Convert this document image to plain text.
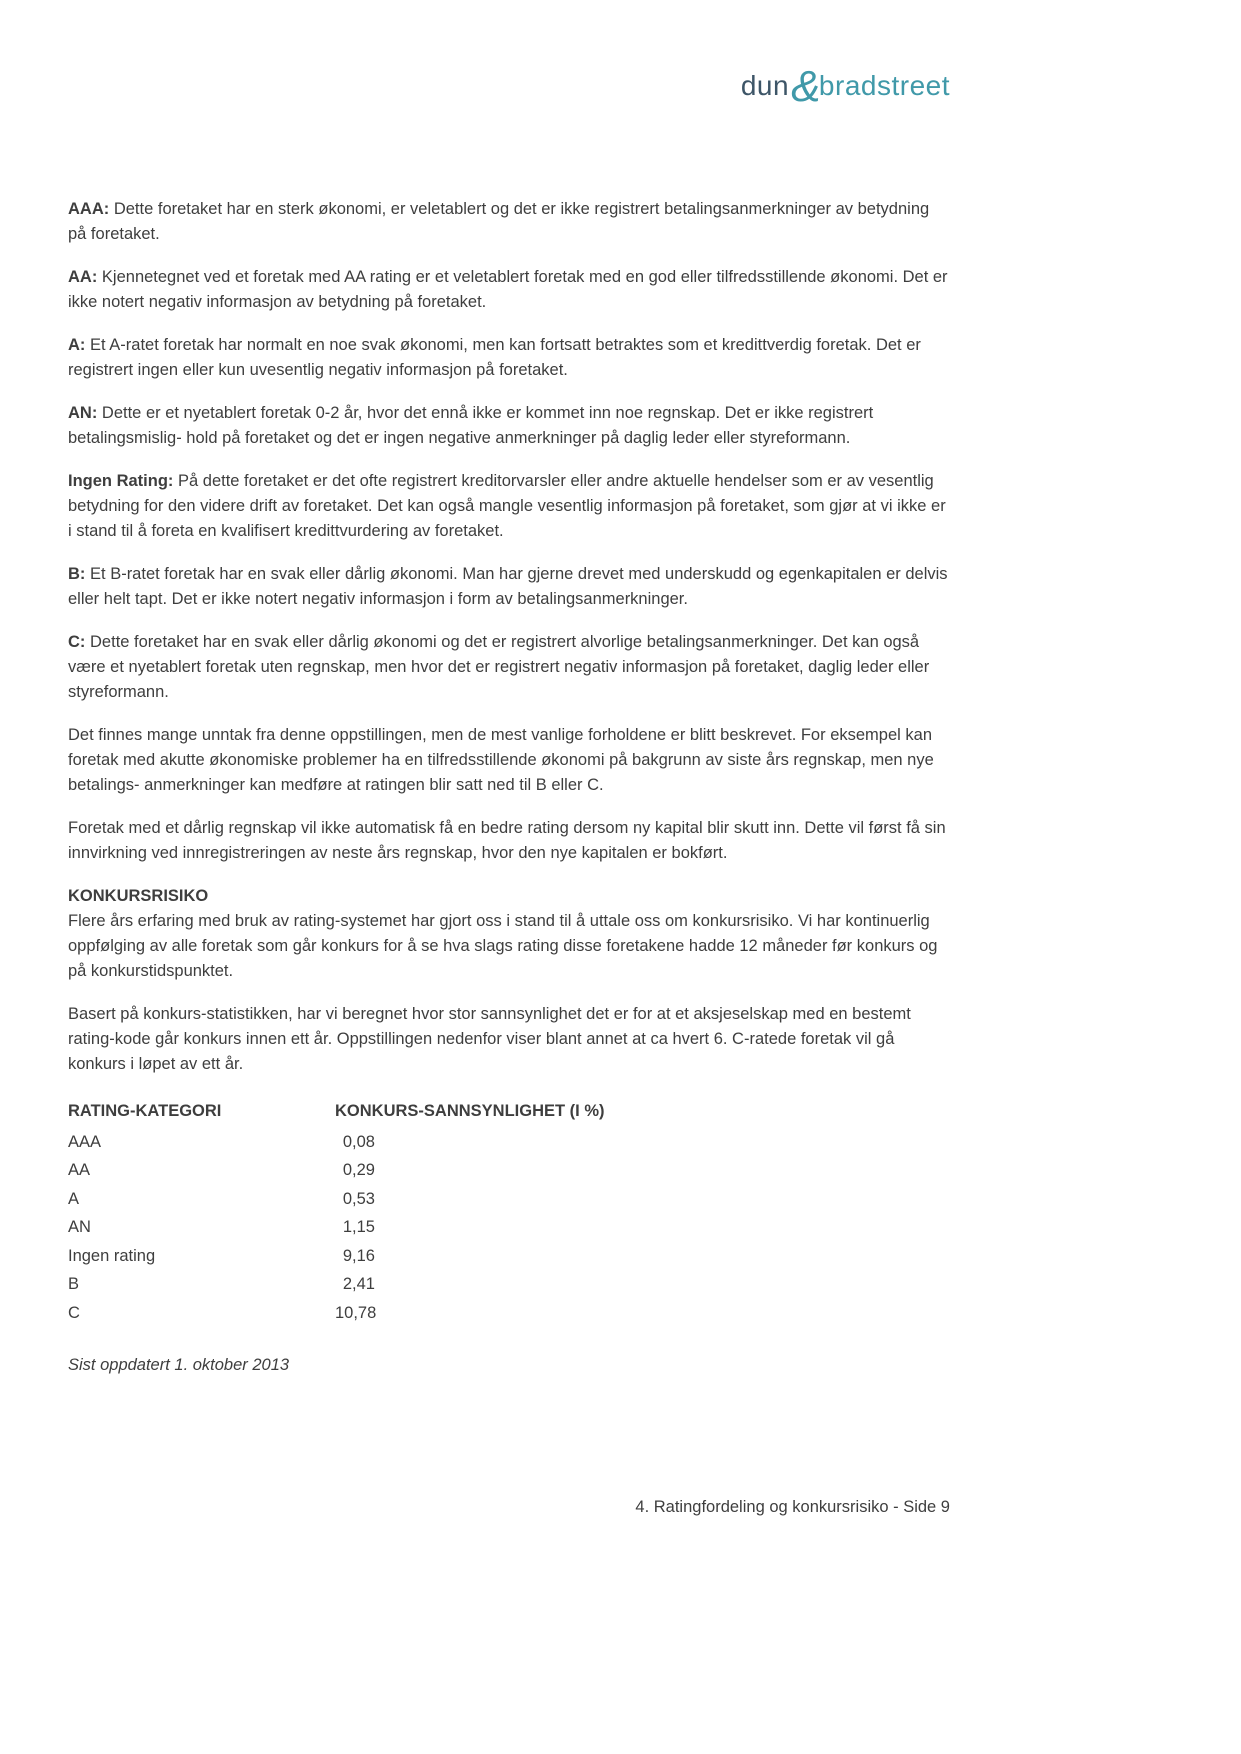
dun&bradstreet

AAA: Dette foretaket har en sterk økonomi, er veletablert og det er ikke registrert betalingsanmerkninger av betydning på foretaket.

AA: Kjennetegnet ved et foretak med AA rating er et veletablert foretak med en god eller tilfredsstillende økonomi. Det er ikke notert negativ informasjon av betydning på foretaket.

A: Et A-ratet foretak har normalt en noe svak økonomi, men kan fortsatt betraktes som et kredittverdig foretak. Det er registrert ingen eller kun uvesentlig negativ informasjon på foretaket.

AN: Dette er et nyetablert foretak 0-2 år, hvor det ennå ikke er kommet inn noe regnskap. Det er ikke registrert betalingsmislig- hold på foretaket og det er ingen negative anmerkninger på daglig leder eller styreformann.

Ingen Rating: På dette foretaket er det ofte registrert kreditorvarsler eller andre aktuelle hendelser som er av vesentlig betydning for den videre drift av foretaket. Det kan også mangle vesentlig informasjon på foretaket, som gjør at vi ikke er i stand til å foreta en kvalifisert kredittvurdering av foretaket.

B: Et B-ratet foretak har en svak eller dårlig økonomi. Man har gjerne drevet med underskudd og egenkapitalen er delvis eller helt tapt. Det er ikke notert negativ informasjon i form av betalingsanmerkninger.

C: Dette foretaket har en svak eller dårlig økonomi og det er registrert alvorlige betalingsanmerkninger. Det kan også være et nyetablert foretak uten regnskap, men hvor det er registrert negativ informasjon på foretaket, daglig leder eller styreformann.

Det finnes mange unntak fra denne oppstillingen, men de mest vanlige forholdene er blitt beskrevet. For eksempel kan foretak med akutte økonomiske problemer ha en tilfredsstillende økonomi på bakgrunn av siste års regnskap, men nye betalings- anmerkninger kan medføre at ratingen blir satt ned til B eller C.

Foretak med et dårlig regnskap vil ikke automatisk få en bedre rating dersom ny kapital blir skutt inn. Dette vil først få sin innvirkning ved innregistreringen av neste års regnskap, hvor den nye kapitalen er bokført.

KONKURSRISIKO
Flere års erfaring med bruk av rating-systemet har gjort oss i stand til å uttale oss om konkursrisiko. Vi har kontinuerlig oppfølging av alle foretak som går konkurs for å se hva slags rating disse foretakene hadde 12 måneder før konkurs og på konkurstidspunktet.

Basert på konkurs-statistikken, har vi beregnet hvor stor sannsynlighet det er for at et aksjeselskap med en bestemt rating-kode går konkurs innen ett år. Oppstillingen nedenfor viser blant annet at ca hvert 6. C-ratede foretak vil gå konkurs i løpet av ett år.

RATING-KATEGORI	KONKURS-SANNSYNLIGHET (I %)
AAA	0,08
AA	0,29
A	0,53
AN	1,15
Ingen rating	9,16
B	2,41
C	10,78
Sist oppdatert 1. oktober 2013
4. Ratingfordeling og konkursrisiko - Side 9
